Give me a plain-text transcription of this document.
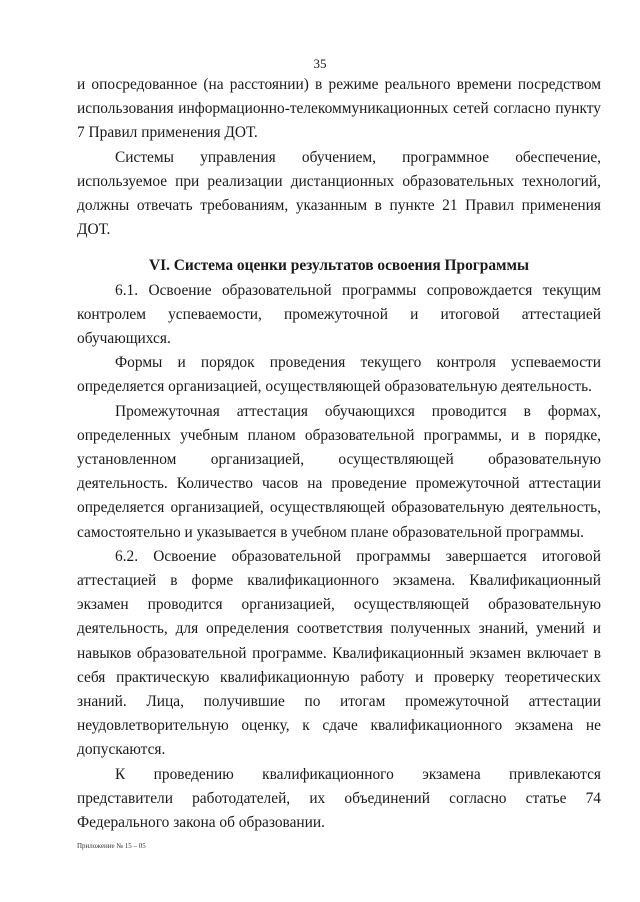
35

и опосредованное (на расстоянии) в режиме реального времени посредством использования информационно-телекоммуникационных сетей согласно пункту 7 Правил применения ДОТ.

Системы управления обучением, программное обеспечение, используемое при реализации дистанционных образовательных технологий, должны отвечать требованиям, указанным в пункте 21 Правил применения ДОТ.

VI. Система оценки результатов освоения Программы

6.1. Освоение образовательной программы сопровождается текущим контролем успеваемости, промежуточной и итоговой аттестацией обучающихся.

Формы и порядок проведения текущего контроля успеваемости определяется организацией, осуществляющей образовательную деятельность.

Промежуточная аттестация обучающихся проводится в формах, определенных учебным планом образовательной программы, и в порядке, установленном организацией, осуществляющей образовательную деятельность. Количество часов на проведение промежуточной аттестации определяется организацией, осуществляющей образовательную деятельность, самостоятельно и указывается в учебном плане образовательной программы.

6.2. Освоение образовательной программы завершается итоговой аттестацией в форме квалификационного экзамена. Квалификационный экзамен проводится организацией, осуществляющей образовательную деятельность, для определения соответствия полученных знаний, умений и навыков образовательной программе. Квалификационный экзамен включает в себя практическую квалификационную работу и проверку теоретических знаний. Лица, получившие по итогам промежуточной аттестации неудовлетворительную оценку, к сдаче квалификационного экзамена не допускаются.

К проведению квалификационного экзамена привлекаются представители работодателей, их объединений согласно статье 74 Федерального закона об образовании.

Приложение № 15 – 05
